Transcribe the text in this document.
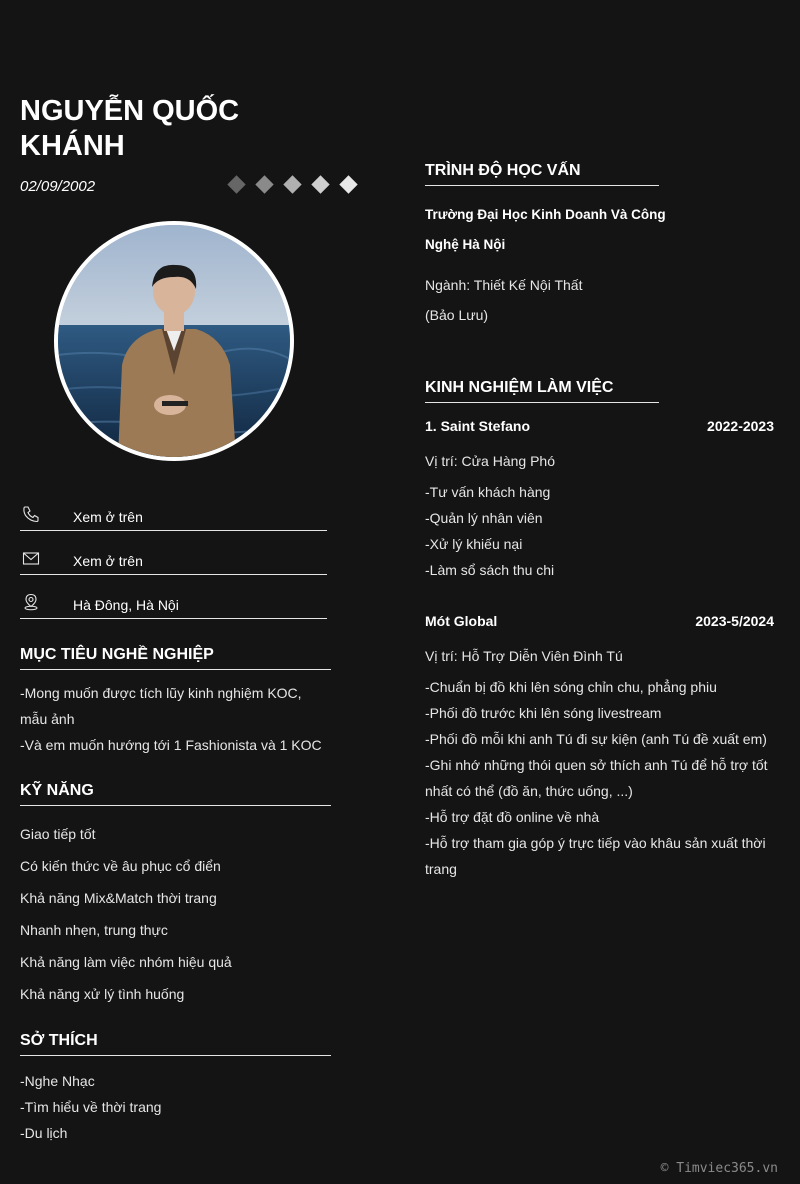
NGUYỄN QUỐC KHÁNH
02/09/2002
Xem ở trên
Xem ở trên
Hà Đông, Hà Nội
MỤC TIÊU NGHỀ NGHIỆP
-Mong muốn được tích lũy kinh nghiệm KOC, mẫu ảnh
-Và em muốn hướng tới 1 Fashionista và 1 KOC
KỸ NĂNG
Giao tiếp tốt
Có kiến thức về âu phục cổ điển
Khả năng Mix&Match thời trang
Nhanh nhẹn, trung thực
Khả năng làm việc nhóm hiệu quả
Khả năng xử lý tình huống
SỞ THÍCH
-Nghe Nhạc
-Tìm hiểu về thời trang
-Du lịch
TRÌNH ĐỘ HỌC VẤN
Trường Đại Học Kinh Doanh Và Công Nghệ Hà Nội
Ngành: Thiết Kế Nội Thất
(Bảo Lưu)
KINH NGHIỆM LÀM VIỆC
1. Saint Stefano	2022-2023
Vị trí: Cửa Hàng Phó
-Tư vấn khách hàng
-Quản lý nhân viên
-Xử lý khiếu nại
-Làm sổ sách thu chi
Mót Global	2023-5/2024
Vị trí: Hỗ Trợ Diễn Viên Đình Tú
-Chuẩn bị đồ khi lên sóng chỉn chu, phẳng phiu
-Phối đồ trước khi lên sóng livestream
-Phối đồ mỗi khi anh Tú đi sự kiện (anh Tú đề xuất em)
-Ghi nhớ những thói quen sở thích anh Tú để hỗ trợ tốt nhất có thể (đồ ăn, thức uống, ...)
-Hỗ trợ đặt đồ online về nhà
-Hỗ trợ tham gia góp ý trực tiếp vào khâu sản xuất thời trang
© Timviec365.vn
